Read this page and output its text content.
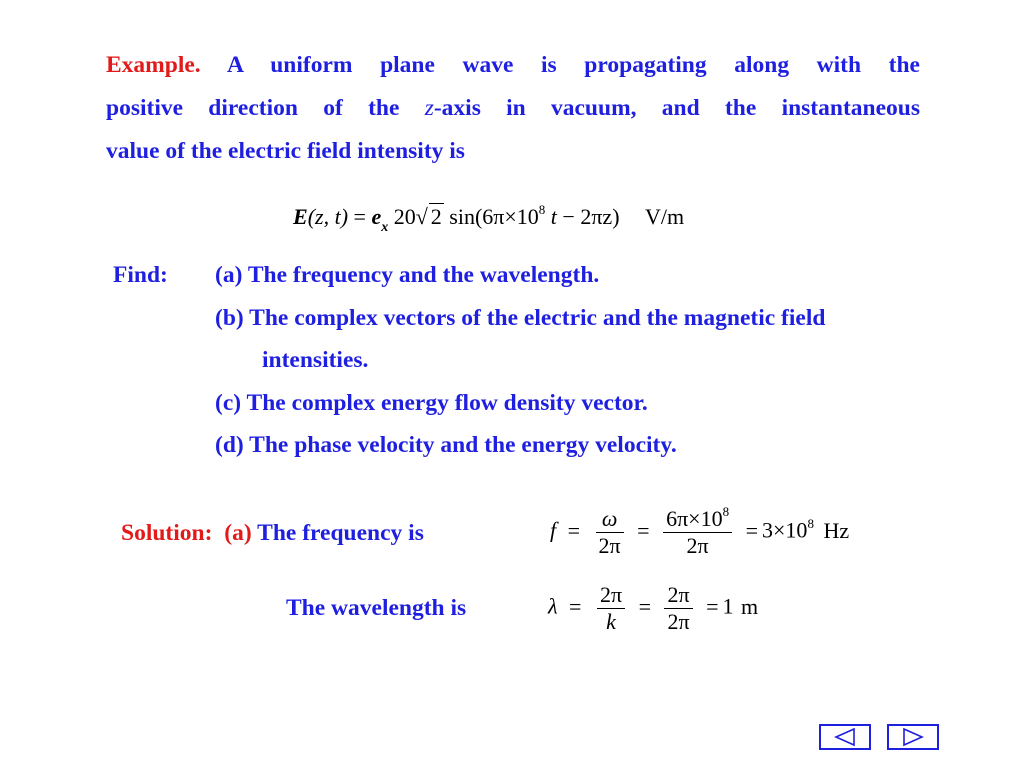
Example. A uniform plane wave is propagating along with the
positive direction of the z-axis in vacuum, and the instantaneous
value of the electric field intensity is
E(z, $t) = e_x$ 20√ 2 $\sin(6\pi\times 10^8$ t − 2πz) V/m
Find: (a) The frequency and the wavelength.
(b) The complex vectors of the electric and the magnetic field
intensities.
(c) The complex energy flow density vector.
(d) The phase velocity and the energy velocity.
Solution: (a) The frequency is
The wavelength is
$f = \frac{\omega}{2\pi} = \frac{6\pi\times 10^8}{2\pi} = 3\times 10^8$ Hz
$\lambda = \frac{2\pi}{k} = \frac{2\pi}{2\pi} = 1$ m
